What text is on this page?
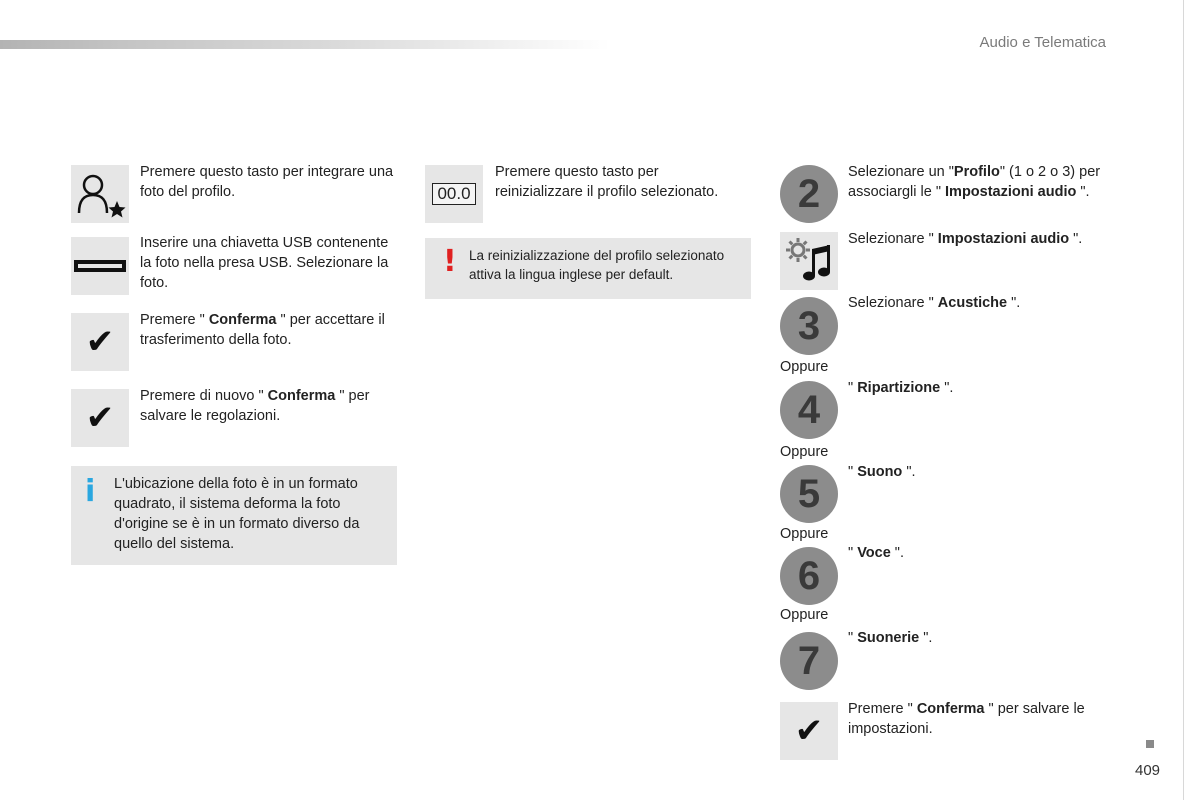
Audio e Telematica
Premere questo tasto per integrare una foto del profilo.
Inserire una chiavetta USB contenente la foto nella presa USB. Selezionare la foto.
✔
Premere " Conferma " per accettare il trasferimento della foto.
✔
Premere di nuovo " Conferma " per salvare le regolazioni.
i L'ubicazione della foto è in un formato quadrato, il sistema deforma la foto d'origine se è in un formato diverso da quello del sistema.
00.0
Premere questo tasto per reinizializzare il profilo selezionato.
! La reinizializzazione del profilo selezionato attiva la lingua inglese per default.
2	Selezionare un "Profilo" (1 o 2 o 3) per associargli le " Impostazioni audio ".
Selezionare " Impostazioni audio ".
3
Selezionare " Acustiche ".
Oppure
4	" Ripartizione ".
Oppure
5	" Suono ".
Oppure
6
" Voce ".
Oppure
7
" Suonerie ".
✔
Premere " Conferma " per salvare le impostazioni.
409
